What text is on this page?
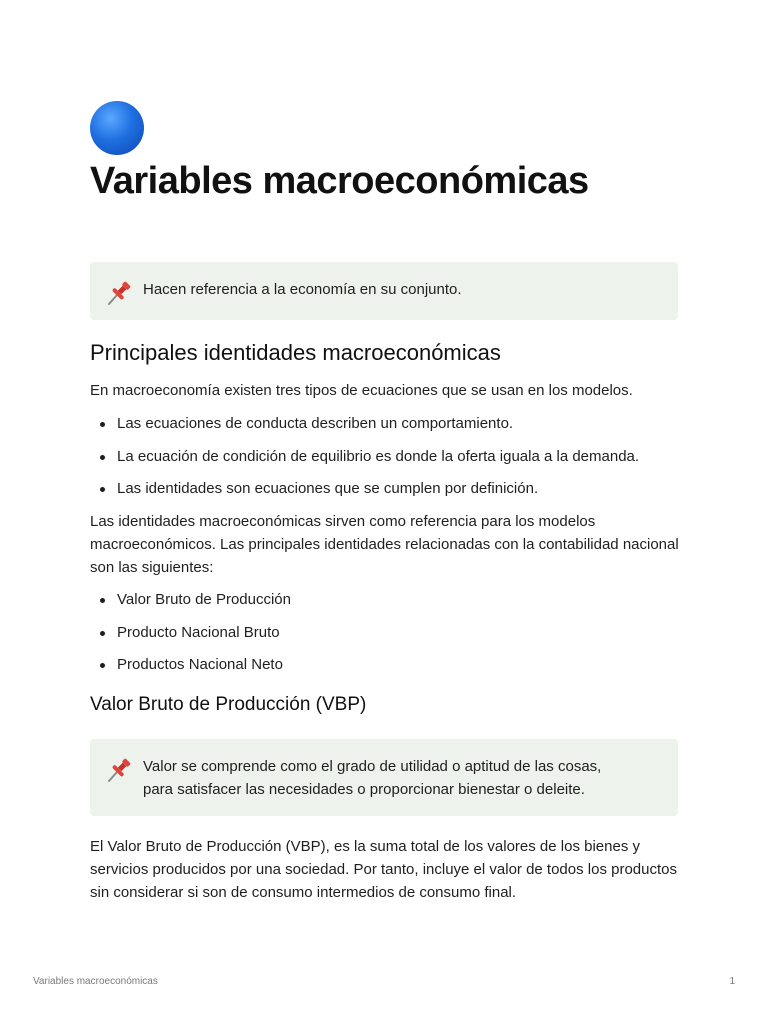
Variables macroeconómicas
Hacen referencia a la economía en su conjunto.
Principales identidades macroeconómicas

En macroeconomía existen tres tipos de ecuaciones que se usan en los modelos.

Las ecuaciones de conducta describen un comportamiento.
La ecuación de condición de equilibrio es donde la oferta iguala a la demanda.
Las identidades son ecuaciones que se cumplen por definición.

Las identidades macroeconómicas sirven como referencia para los modelos macroeconómicos. Las principales identidades relacionadas con la contabilidad nacional son las siguientes:

Valor Bruto de Producción
Producto Nacional Bruto
Productos Nacional Neto
Valor Bruto de Producción (VBP)
Valor se comprende como el grado de utilidad o aptitud de las cosas,
para satisfacer las necesidades o proporcionar bienestar o deleite.

El Valor Bruto de Producción (VBP), es la suma total de los valores de los bienes y servicios producidos por una sociedad. Por tanto, incluye el valor de todos los productos sin considerar si son de consumo intermedios de consumo final.

Variables macroeconómicas	1
